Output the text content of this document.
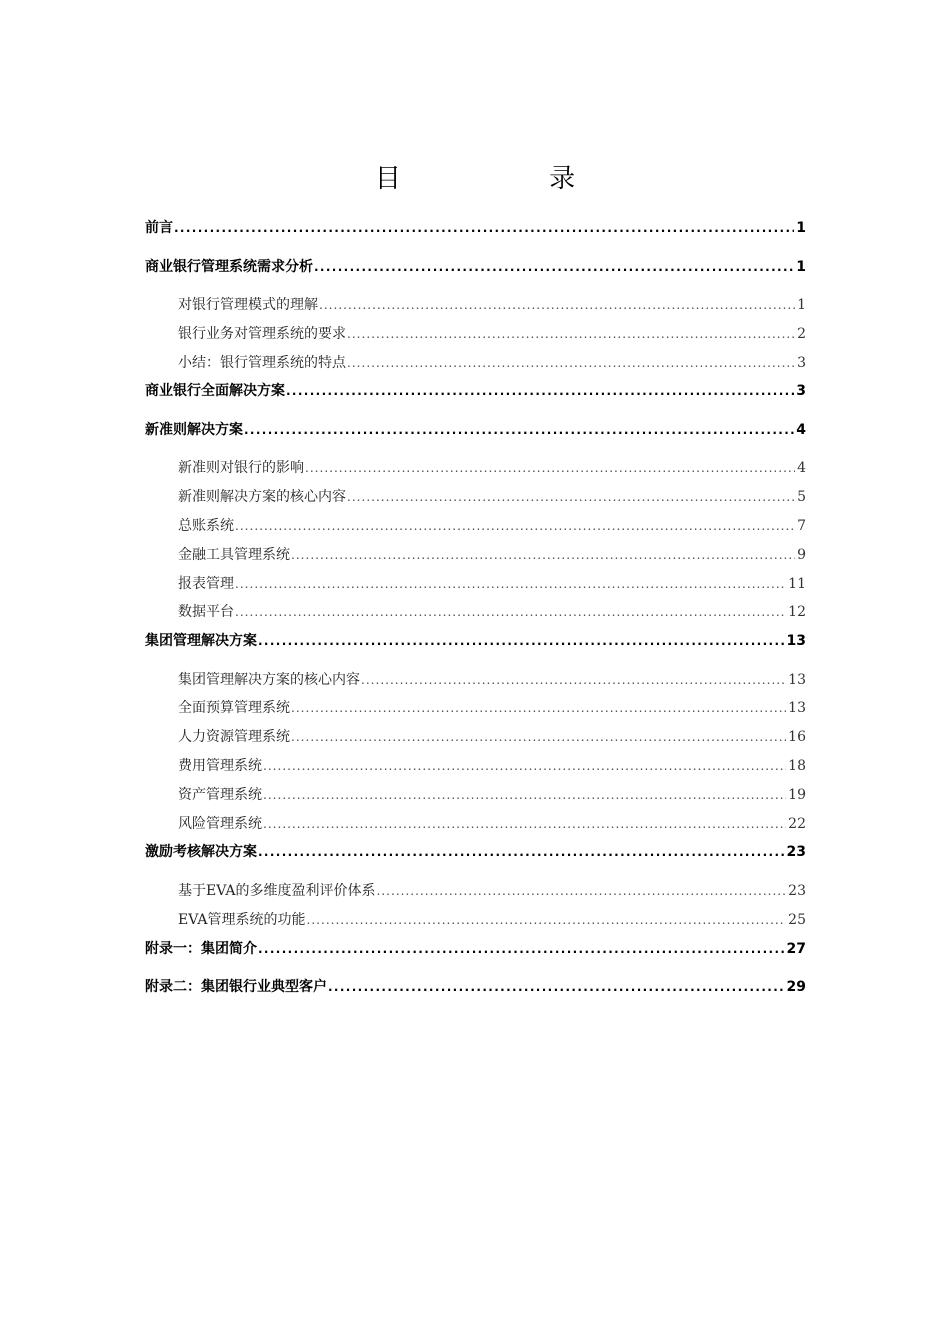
目 录
前言 . . .	1
商业银行管理系统需求分析 . . .	1
对银行管理模式的理解 . . .	1
银行业务对管理系统的要求 . . .	2
小结：银行管理系统的特点 . . .	3
商业银行全面解决方案 . . .	3
新准则解决方案 . . .	4
新准则对银行的影响 . . .	4
新准则解决方案的核心内容 . . .	5
总账系统 . . .	7
金融工具管理系统 . . .	9
报表管理 . . .	11
数据平台 . . .	12
集团管理解决方案 . . .	13
集团管理解决方案的核心内容 . . .	13
全面预算管理系统 . . .	13
人力资源管理系统 . . .	16
费用管理系统 . . .	18
资产管理系统 . . .	19
风险管理系统 . . .	22
激励考核解决方案 . . .	23
基于EVA的多维度盈利评价体系 . . .	23
EVA管理系统的功能 . . .	25
附录一：集团简介 . . .	27
附录二：集团银行业典型客户 . . .	29
